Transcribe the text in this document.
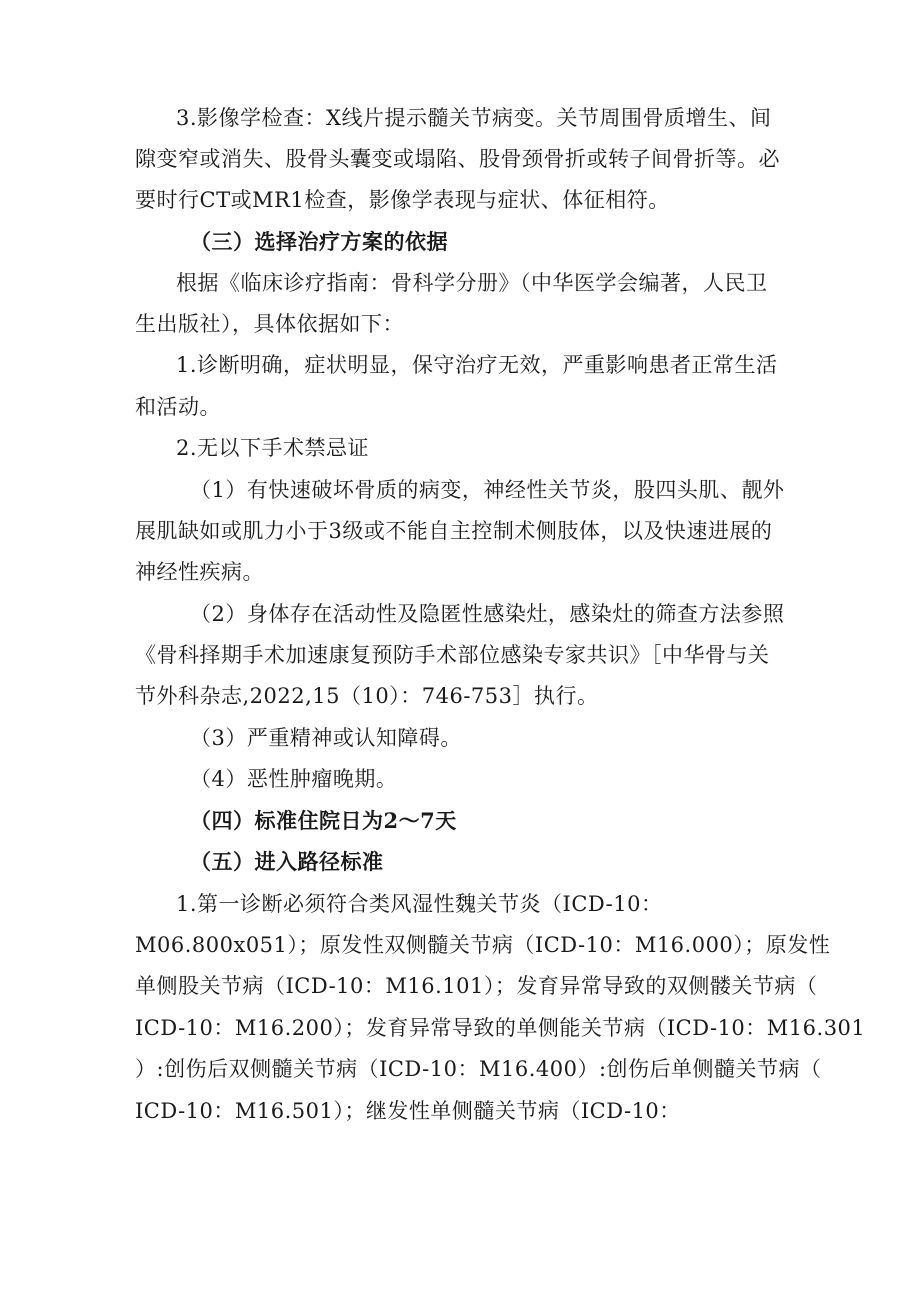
3.影像学检查：X线片提示髓关节病变。关节周围骨质增生、间
隙变窄或消失、股骨头囊变或塌陷、股骨颈骨折或转子间骨折等。必
要时行CT或MR1检查，影像学表现与症状、体征相符。
（三）选择治疗方案的依据
根据《临床诊疗指南：骨科学分册》（中华医学会编著，人民卫
生出版社），具体依据如下：
1.诊断明确，症状明显，保守治疗无效，严重影响患者正常生活
和活动。
2.无以下手术禁忌证
（1）有快速破坏骨质的病变，神经性关节炎，股四头肌、靓外
展肌缺如或肌力小于3级或不能自主控制术侧肢体，以及快速进展的
神经性疾病。
（2）身体存在活动性及隐匿性感染灶，感染灶的筛查方法参照
《骨科择期手术加速康复预防手术部位感染专家共识》［中华骨与关
节外科杂志,2022,15（10）：746-753］执行。
（3）严重精神或认知障碍。
（4）恶性肿瘤晚期。
（四）标准住院日为2～7天
（五）进入路径标准
1.第一诊断必须符合类风湿性魏关节炎（ICD-10：
M06.800x051）；原发性双侧髓关节病（ICD-10：M16.000）；原发性
单侧股关节病（ICD-10：M16.101）；发育异常导致的双侧髅关节病（
ICD-10：M16.200）；发育异常导致的单侧能关节病（ICD-10：M16.301
）:创伤后双侧髓关节病（ICD-10：M16.400）:创伤后单侧髓关节病（
ICD-10：M16.501）；继发性单侧髓关节病（ICD-10：
